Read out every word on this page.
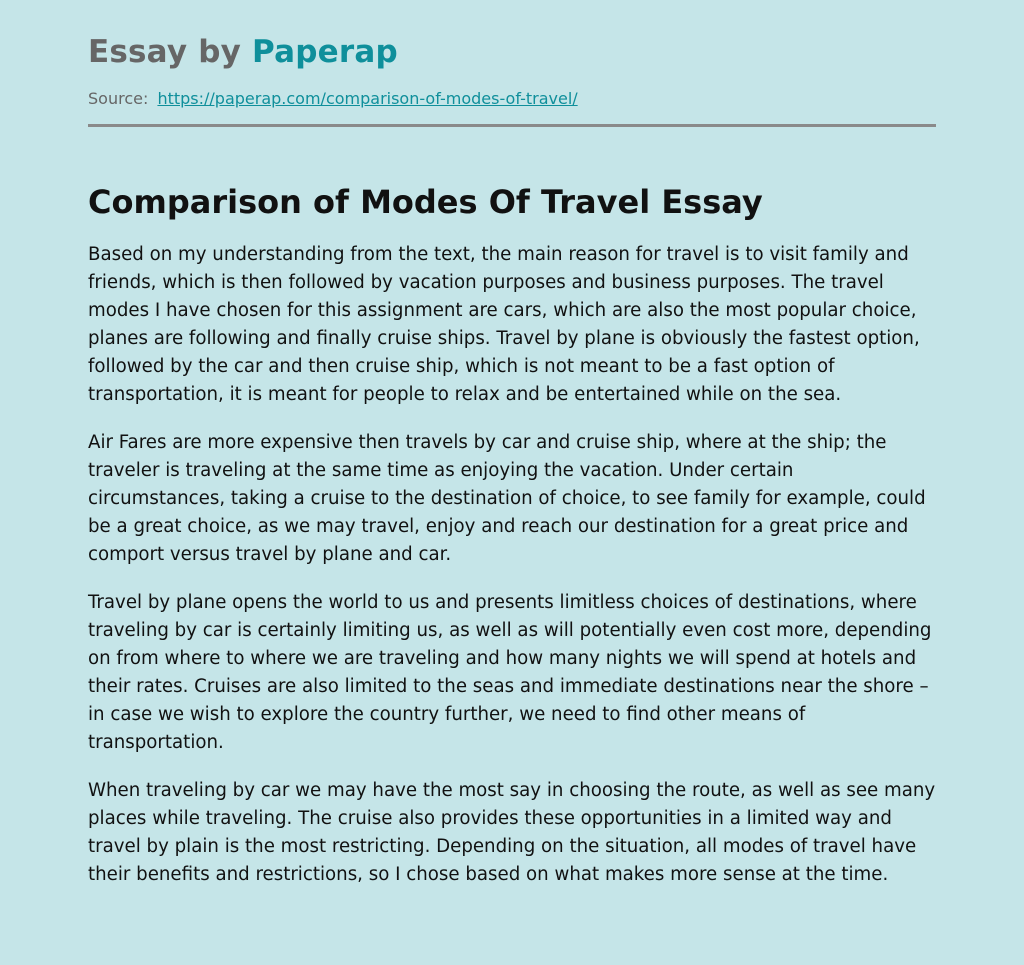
Essay by Paperap
Source: https://paperap.com/comparison-of-modes-of-travel/
Comparison of Modes Of Travel Essay

Based on my understanding from the text, the main reason for travel is to visit family and friends, which is then followed by vacation purposes and business purposes. The travel modes I have chosen for this assignment are cars, which are also the most popular choice, planes are following and finally cruise ships. Travel by plane is obviously the fastest option, followed by the car and then cruise ship, which is not meant to be a fast option of transportation, it is meant for people to relax and be entertained while on the sea.

Air Fares are more expensive then travels by car and cruise ship, where at the ship; the traveler is traveling at the same time as enjoying the vacation. Under certain circumstances, taking a cruise to the destination of choice, to see family for example, could be a great choice, as we may travel, enjoy and reach our destination for a great price and comport versus travel by plane and car.

Travel by plane opens the world to us and presents limitless choices of destinations, where traveling by car is certainly limiting us, as well as will potentially even cost more, depending on from where to where we are traveling and how many nights we will spend at hotels and their rates. Cruises are also limited to the seas and immediate destinations near the shore – in case we wish to explore the country further, we need to find other means of transportation.

When traveling by car we may have the most say in choosing the route, as well as see many places while traveling. The cruise also provides these opportunities in a limited way and travel by plain is the most restricting. Depending on the situation, all modes of travel have their benefits and restrictions, so I chose based on what makes more sense at the time.
